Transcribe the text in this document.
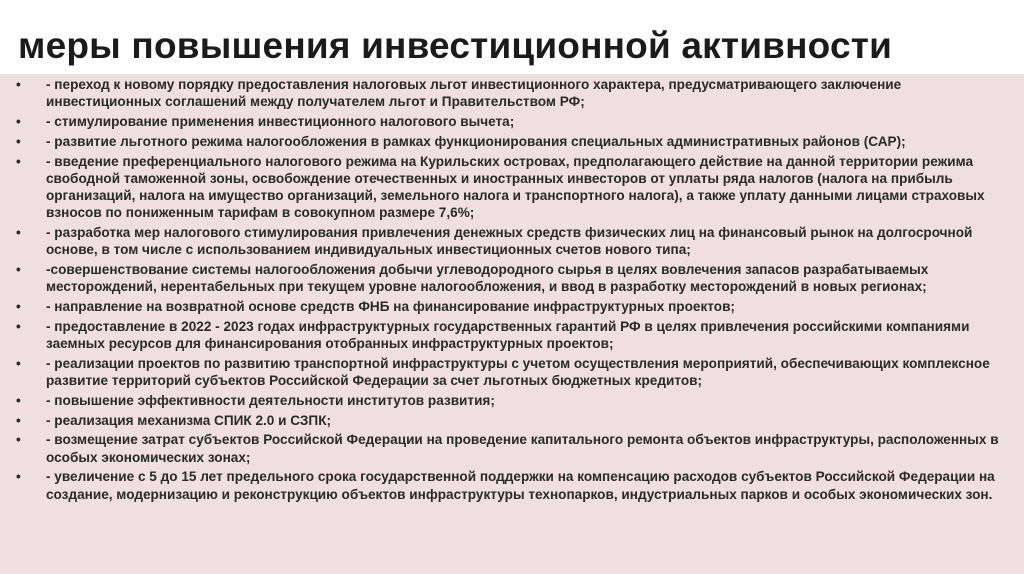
меры повышения инвестиционной активности
• - переход к новому порядку предоставления налоговых льгот инвестиционного характера, предусматривающего заключение инвестиционных соглашений между получателем льгот и Правительством РФ;
• - стимулирование применения инвестиционного налогового вычета;
• - развитие льготного режима налогообложения в рамках функционирования специальных административных районов (САР);
• - введение преференциального налогового режима на Курильских островах, предполагающего действие на данной территории режима свободной таможенной зоны, освобождение отечественных и иностранных инвесторов от уплаты ряда налогов (налога на прибыль организаций, налога на имущество организаций, земельного налога и транспортного налога), а также уплату данными лицами страховых взносов по пониженным тарифам в совокупном размере 7,6%;
• - разработка мер налогового стимулирования привлечения денежных средств физических лиц на финансовый рынок на долгосрочной основе, в том числе с использованием индивидуальных инвестиционных счетов нового типа;
• -совершенствование системы налогообложения добычи углеводородного сырья в целях вовлечения запасов разрабатываемых месторождений, нерентабельных при текущем уровне налогообложения, и ввод в разработку месторождений в новых регионах;
• - направление на возвратной основе средств ФНБ на финансирование инфраструктурных проектов;
• - предоставление в 2022 - 2023 годах инфраструктурных государственных гарантий РФ в целях привлечения российскими компаниями заемных ресурсов для финансирования отобранных инфраструктурных проектов;
• - реализации проектов по развитию транспортной инфраструктуры с учетом осуществления мероприятий, обеспечивающих комплексное развитие территорий субъектов Российской Федерации за счет льготных бюджетных кредитов;
• - повышение эффективности деятельности институтов развития;
• - реализация механизма СПИК 2.0 и СЗПК;
• - возмещение затрат субъектов Российской Федерации на проведение капитального ремонта объектов инфраструктуры, расположенных в особых экономических зонах;
• - увеличение с 5 до 15 лет предельного срока государственной поддержки на компенсацию расходов субъектов Российской Федерации на создание, модернизацию и реконструкцию объектов инфраструктуры технопарков, индустриальных парков и особых экономических зон.
